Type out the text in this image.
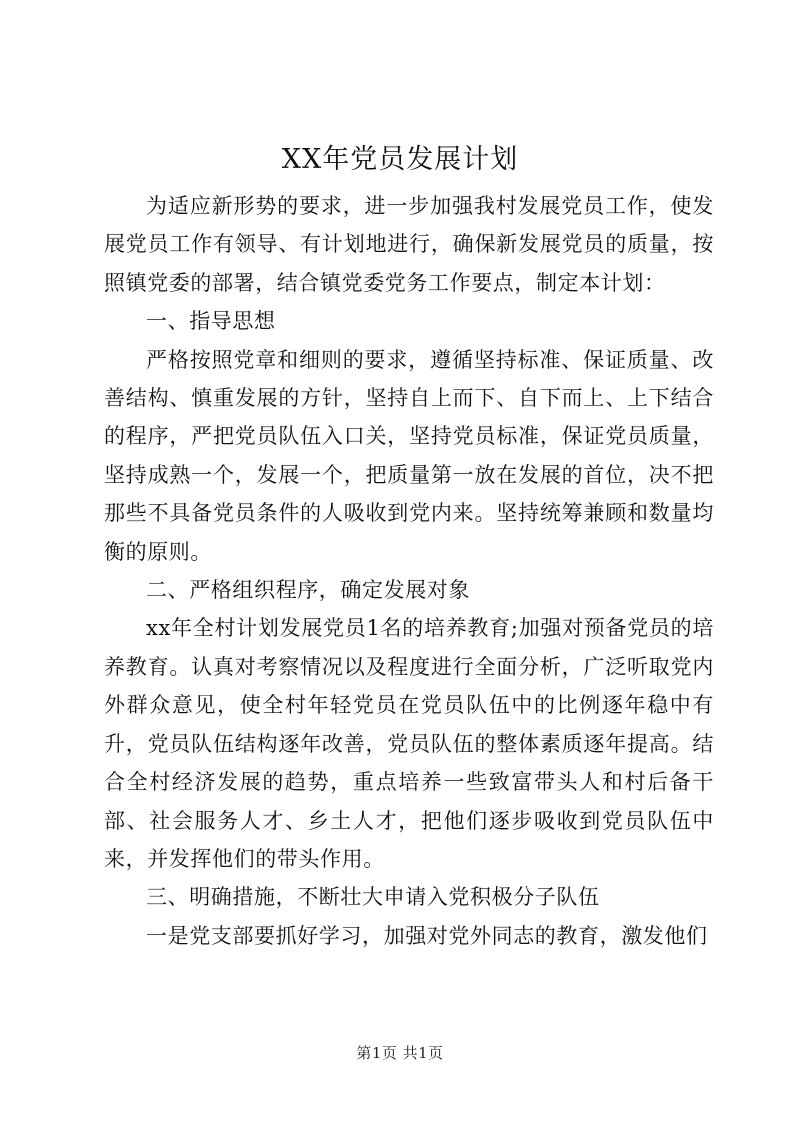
XX年党员发展计划

为适应新形势的要求，进一步加强我村发展党员工作，使发展党员工作有领导、有计划地进行，确保新发展党员的质量，按照镇党委的部署，结合镇党委党务工作要点，制定本计划：

一、指导思想

严格按照党章和细则的要求，遵循坚持标准、保证质量、改善结构、慎重发展的方针，坚持自上而下、自下而上、上下结合的程序，严把党员队伍入口关，坚持党员标准，保证党员质量，坚持成熟一个，发展一个，把质量第一放在发展的首位，决不把那些不具备党员条件的人吸收到党内来。坚持统筹兼顾和数量均衡的原则。

二、严格组织程序，确定发展对象

xx年全村计划发展党员1名的培养教育;加强对预备党员的培养教育。认真对考察情况以及程度进行全面分析，广泛听取党内外群众意见，使全村年轻党员在党员队伍中的比例逐年稳中有升，党员队伍结构逐年改善，党员队伍的整体素质逐年提高。结合全村经济发展的趋势，重点培养一些致富带头人和村后备干部、社会服务人才、乡土人才，把他们逐步吸收到党员队伍中来，并发挥他们的带头作用。

三、明确措施，不断壮大申请入党积极分子队伍

一是党支部要抓好学习，加强对党外同志的教育，激发他们

第1页 共1页
